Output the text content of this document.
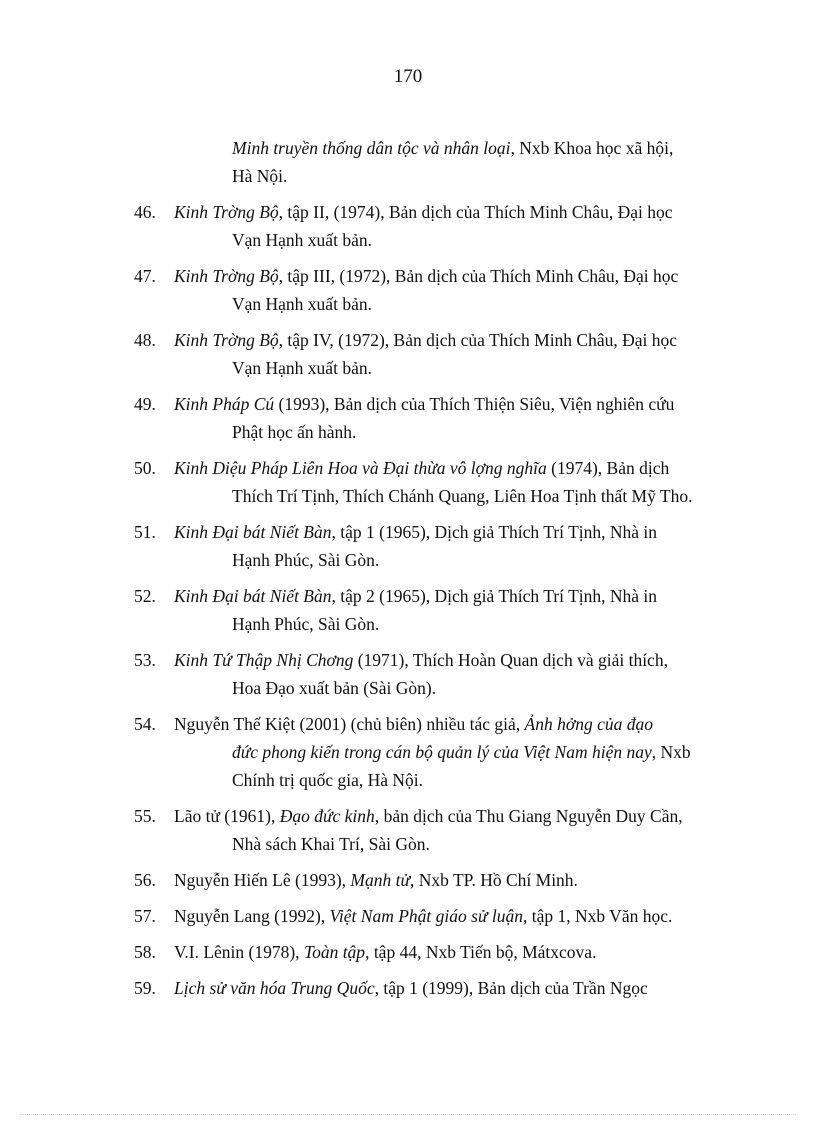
170
Minh truyền thống dân tộc và nhân loại, Nxb Khoa học xã hội,
Hà Nội.
46. Kinh Trờng Bộ, tập II, (1974), Bản dịch của Thích Minh Châu, Đại học
Vạn Hạnh xuất bản.
47. Kinh Trờng Bộ, tập III, (1972), Bản dịch của Thích Minh Châu, Đại học
Vạn Hạnh xuất bản.
48. Kinh Trờng Bộ, tập IV, (1972), Bản dịch của Thích Minh Châu, Đại học
Vạn Hạnh xuất bản.
49. Kinh Pháp Cú (1993), Bản dịch của Thích Thiện Siêu, Viện nghiên cứu
Phật học ấn hành.
50. Kinh Diệu Pháp Liên Hoa và Đại thừa vô lợng nghĩa (1974), Bản dịch
Thích Trí Tịnh, Thích Chánh Quang, Liên Hoa Tịnh thất Mỹ Tho.
51. Kinh Đại bát Niết Bàn, tập 1 (1965), Dịch giả Thích Trí Tịnh, Nhà in
Hạnh Phúc, Sài Gòn.
52. Kinh Đại bát Niết Bàn, tập 2 (1965), Dịch giả Thích Trí Tịnh, Nhà in
Hạnh Phúc, Sài Gòn.
53. Kinh Tứ Thập Nhị Chơng (1971), Thích Hoàn Quan dịch và giải thích,
Hoa Đạo xuất bản (Sài Gòn).
54. Nguyễn Thế Kiệt (2001) (chủ biên) nhiều tác giả, Ảnh hởng của đạo
đức phong kiến trong cán bộ quản lý của Việt Nam hiện nay, Nxb
Chính trị quốc gia, Hà Nội.
55. Lão tử (1961), Đạo đức kinh, bản dịch của Thu Giang Nguyễn Duy Cần,
Nhà sách Khai Trí, Sài Gòn.
56. Nguyễn Hiến Lê (1993), Mạnh tử, Nxb TP. Hồ Chí Minh.
57. Nguyễn Lang (1992), Việt Nam Phật giáo sử luận, tập 1, Nxb Văn học.
58. V.I. Lênin (1978), Toàn tập, tập 44, Nxb Tiến bộ, Mátxcova.
59. Lịch sử văn hóa Trung Quốc, tập 1 (1999), Bản dịch của Trần Ngọc
